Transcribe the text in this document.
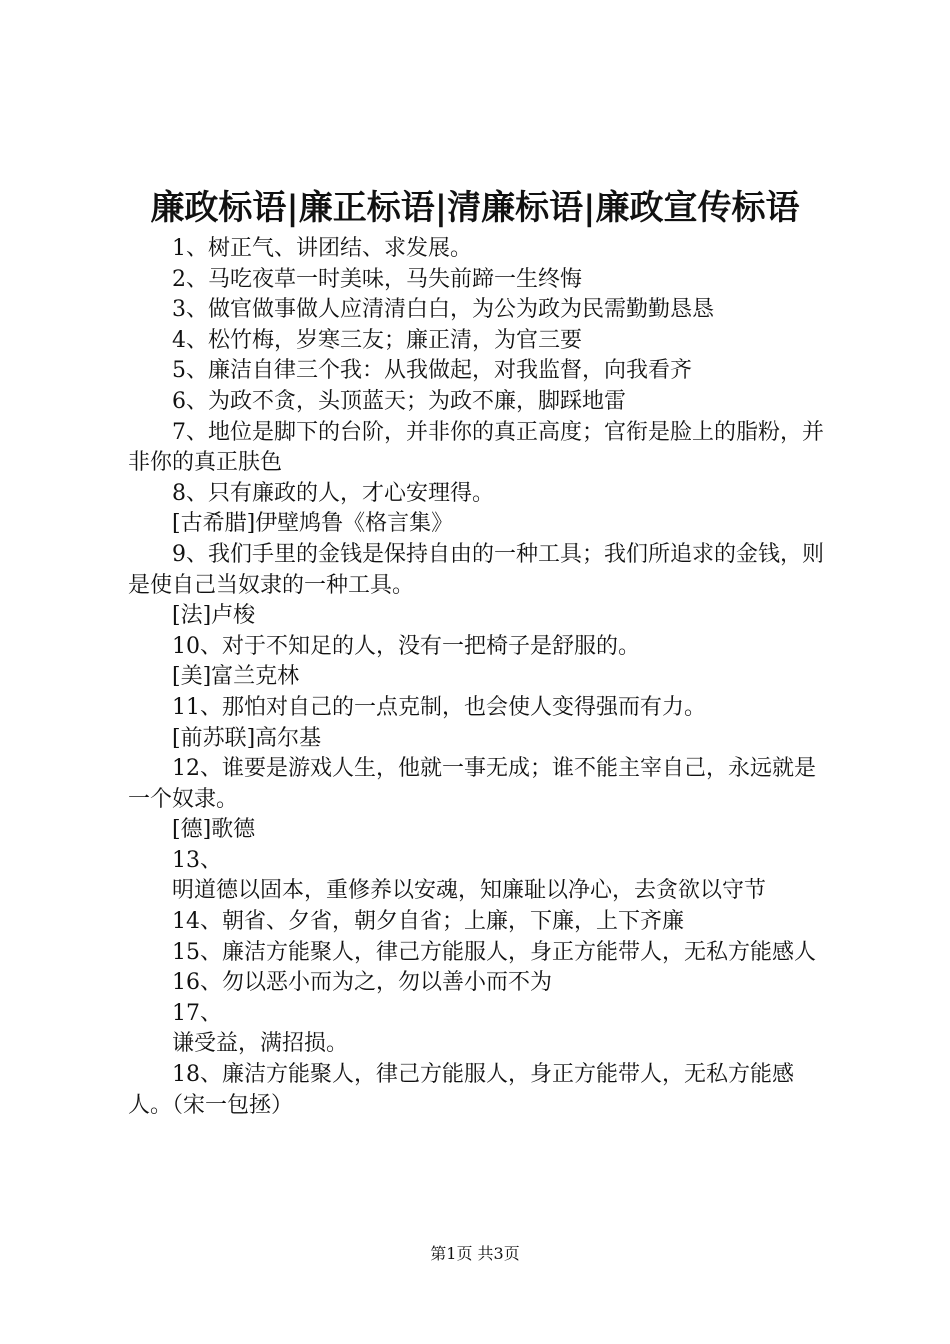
廉政标语|廉正标语|清廉标语|廉政宣传标语

1、树正气、讲团结、求发展。

2、马吃夜草一时美味，马失前蹄一生终悔

3、做官做事做人应清清白白，为公为政为民需勤勤恳恳

4、松竹梅，岁寒三友；廉正清，为官三要

5、廉洁自律三个我：从我做起，对我监督，向我看齐

6、为政不贪，头顶蓝天；为政不廉，脚踩地雷

7、地位是脚下的台阶，并非你的真正高度；官衔是脸上的脂粉，并非你的真正肤色

8、只有廉政的人，才心安理得。

[古希腊]伊壁鸠鲁《格言集》

9、我们手里的金钱是保持自由的一种工具；我们所追求的金钱，则是使自己当奴隶的一种工具。

[法]卢梭

10、对于不知足的人，没有一把椅子是舒服的。

[美]富兰克林

11、那怕对自己的一点克制，也会使人变得强而有力。

[前苏联]高尔基

12、谁要是游戏人生，他就一事无成；谁不能主宰自己，永远就是一个奴隶。

[德]歌德

13、

明道德以固本，重修养以安魂，知廉耻以净心，去贪欲以守节

14、朝省、夕省，朝夕自省；上廉，下廉，上下齐廉

15、廉洁方能聚人，律己方能服人，身正方能带人，无私方能感人

16、勿以恶小而为之，勿以善小而不为

17、

谦受益，满招损。

18、廉洁方能聚人，律己方能服人，身正方能带人，无私方能感人。（宋一包拯）

第1页 共3页
